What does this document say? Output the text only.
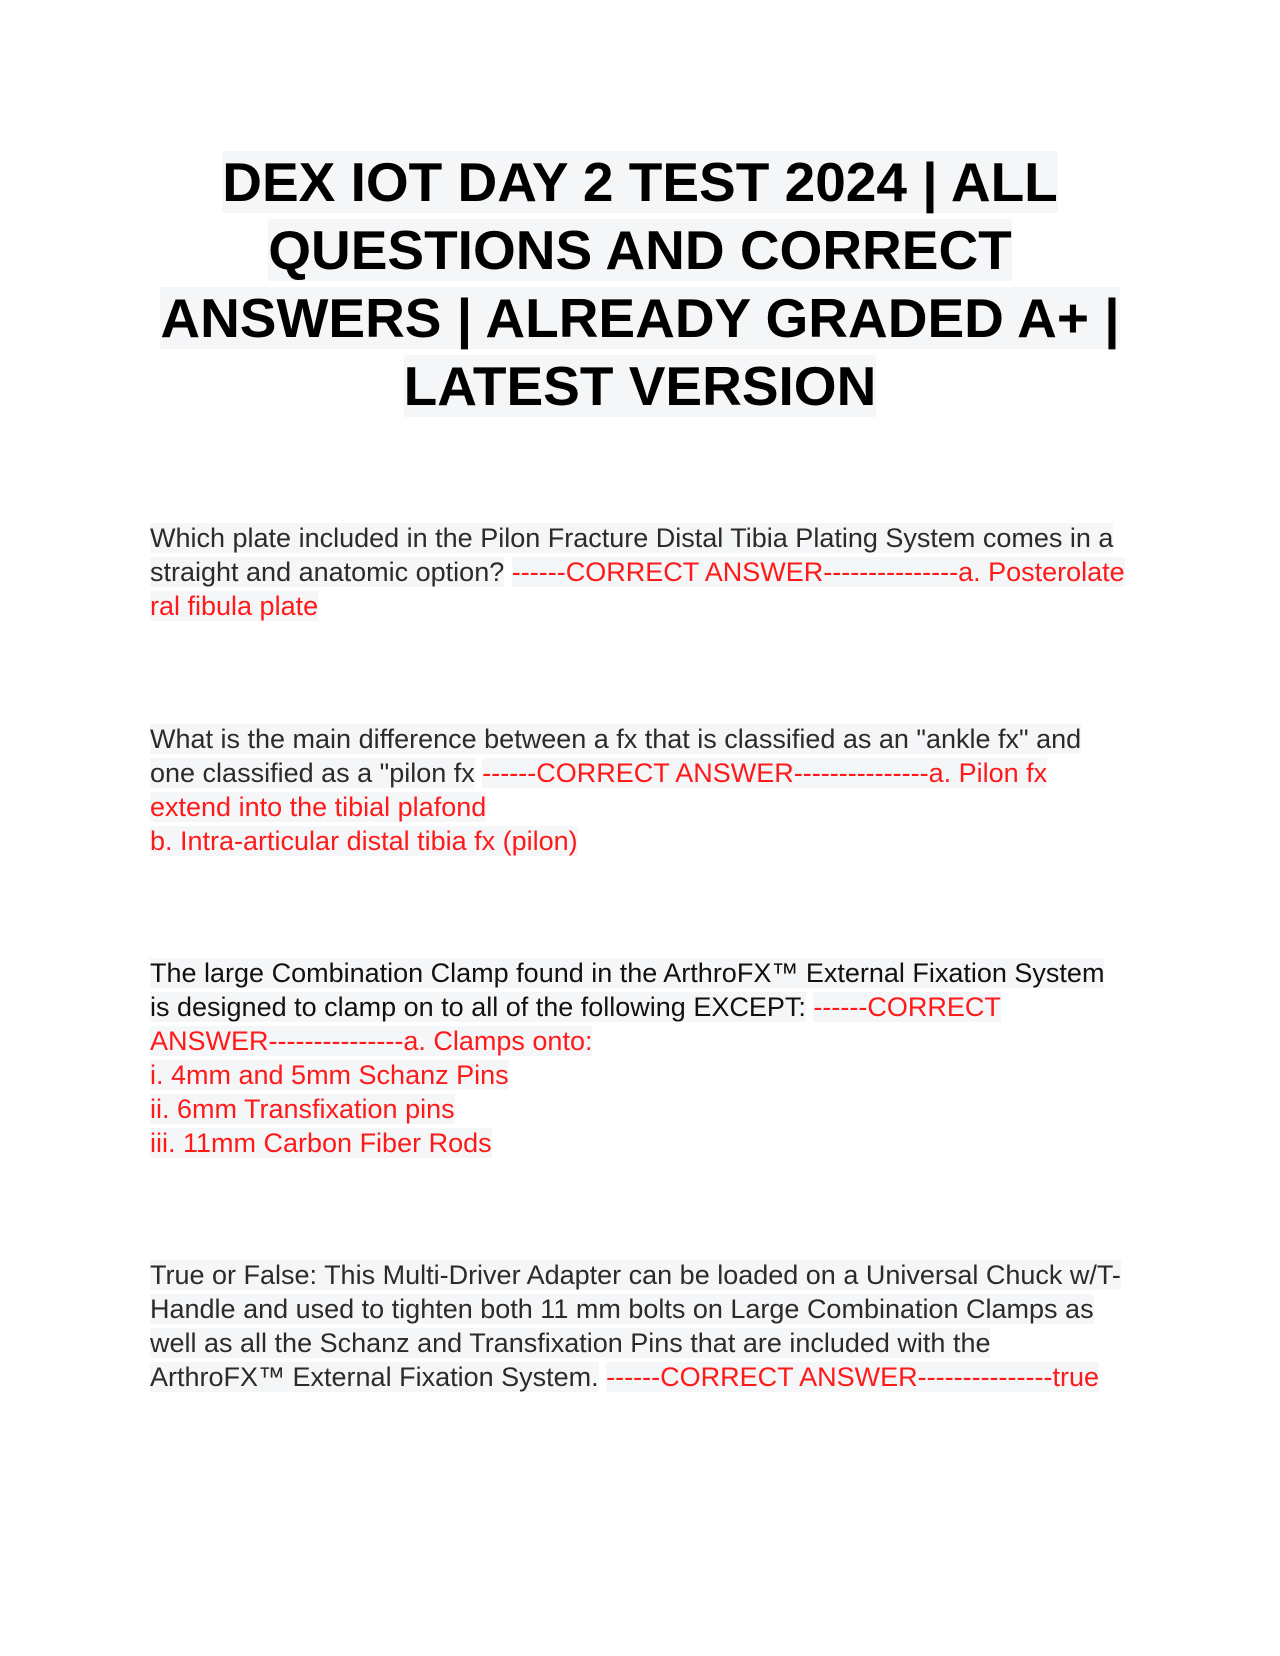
DEX IOT DAY 2 TEST 2024 | ALL QUESTIONS AND CORRECT ANSWERS | ALREADY GRADED A+ | LATEST VERSION

Which plate included in the Pilon Fracture Distal Tibia Plating System comes in a straight and anatomic option? ------CORRECT ANSWER---------------a. Posterolateral fibula plate

What is the main difference between a fx that is classified as an "ankle fx" and one classified as a "pilon fx ------CORRECT ANSWER---------------a. Pilon fx extend into the tibial plafond
b. Intra-articular distal tibia fx (pilon)

The large Combination Clamp found in the ArthroFX™ External Fixation System is designed to clamp on to all of the following EXCEPT: ------CORRECT ANSWER---------------a. Clamps onto:
i. 4mm and 5mm Schanz Pins
ii. 6mm Transfixation pins
iii. 11mm Carbon Fiber Rods

True or False: This Multi-Driver Adapter can be loaded on a Universal Chuck w/T-Handle and used to tighten both 11 mm bolts on Large Combination Clamps as well as all the Schanz and Transfixation Pins that are included with the ArthroFX™ External Fixation System. ------CORRECT ANSWER---------------true
